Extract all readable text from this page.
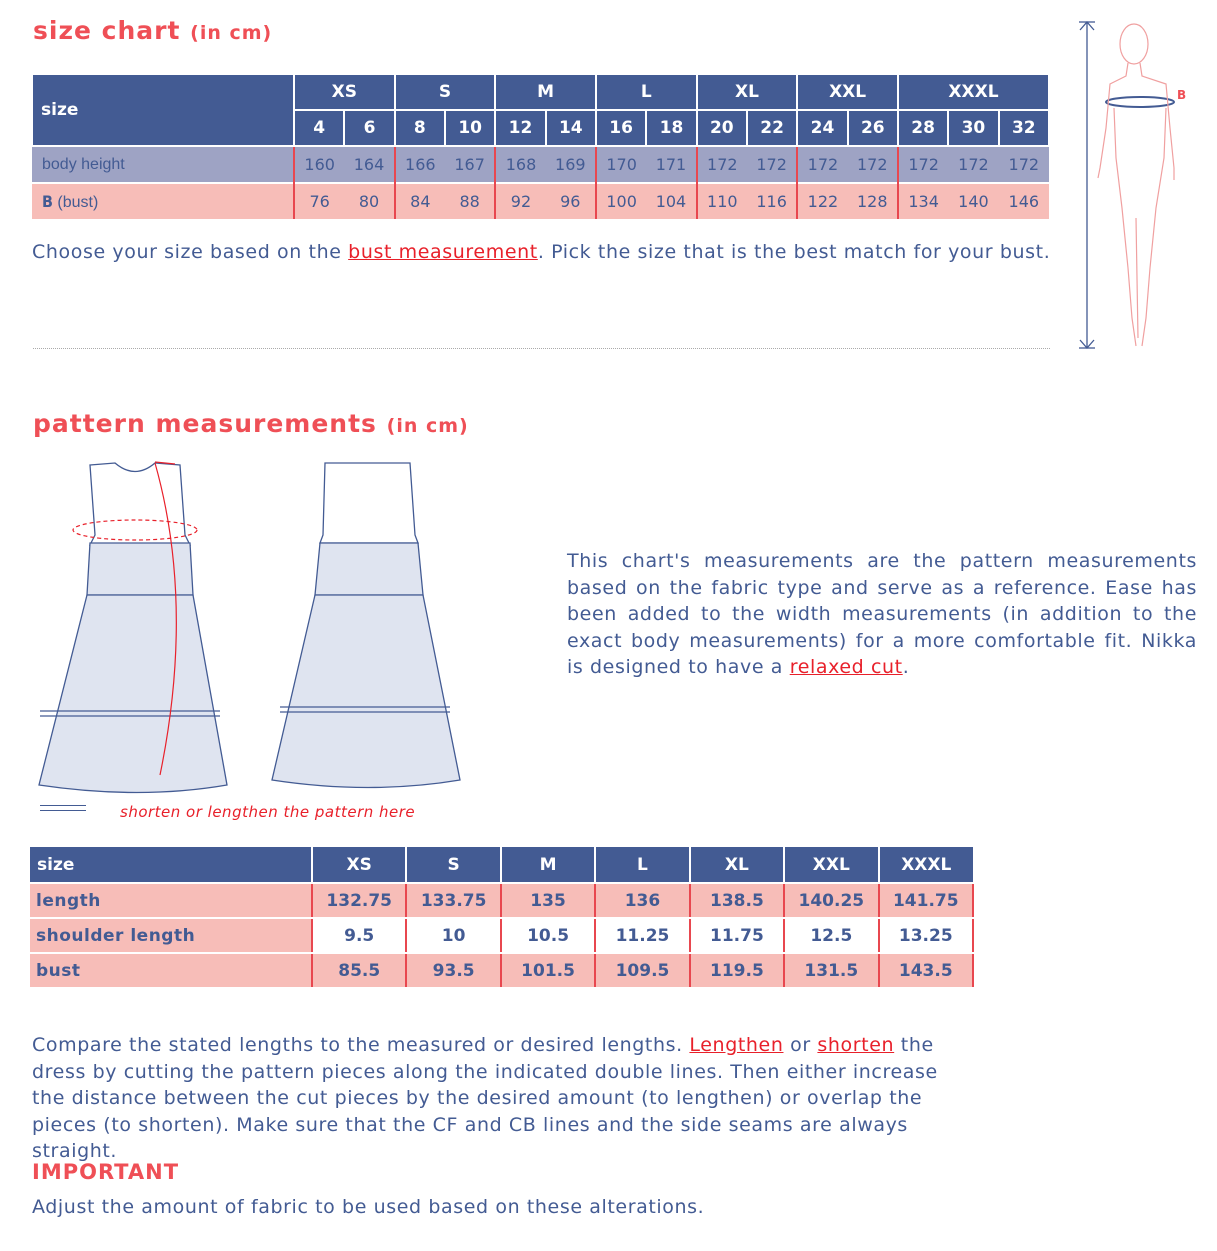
size chart (in cm)
size	XS		S		M		L		XL		XXL		XXXL		
	4	6	8	10	12	14	16	18	20	22	24	26	28	30	32
body height	160	164	166	167	168	169	170	171	172	172	172	172	172	172	172
B (bust)	76	80	84	88	92	96	100	104	110	116	122	128	134	140	146

Choose your size based on the bust measurement. Pick the size that is the best match for your bust.

B
pattern measurements (in cm)
shorten or lengthen the pattern here

This chart's measurements are the pattern measurements based on the fabric type and serve as a reference. Ease has been added to the width measurements (in addition to the exact body measurements) for a more comfortable fit. Nikka is designed to have a relaxed cut.

size	XS	S	M	L	XL	XXL	XXXL
length	132.75	133.75	135	136	138.5	140.25	141.75
shoulder length	9.5	10	10.5	11.25	11.75	12.5	13.25
bust	85.5	93.5	101.5	109.5	119.5	131.5	143.5

Compare the stated lengths to the measured or desired lengths. Lengthen or shorten the dress by cutting the pattern pieces along the indicated double lines. Then either increase the distance between the cut pieces by the desired amount (to lengthen) or overlap the pieces (to shorten). Make sure that the CF and CB lines and the side seams are always straight.

IMPORTANT

Adjust the amount of fabric to be used based on these alterations.
